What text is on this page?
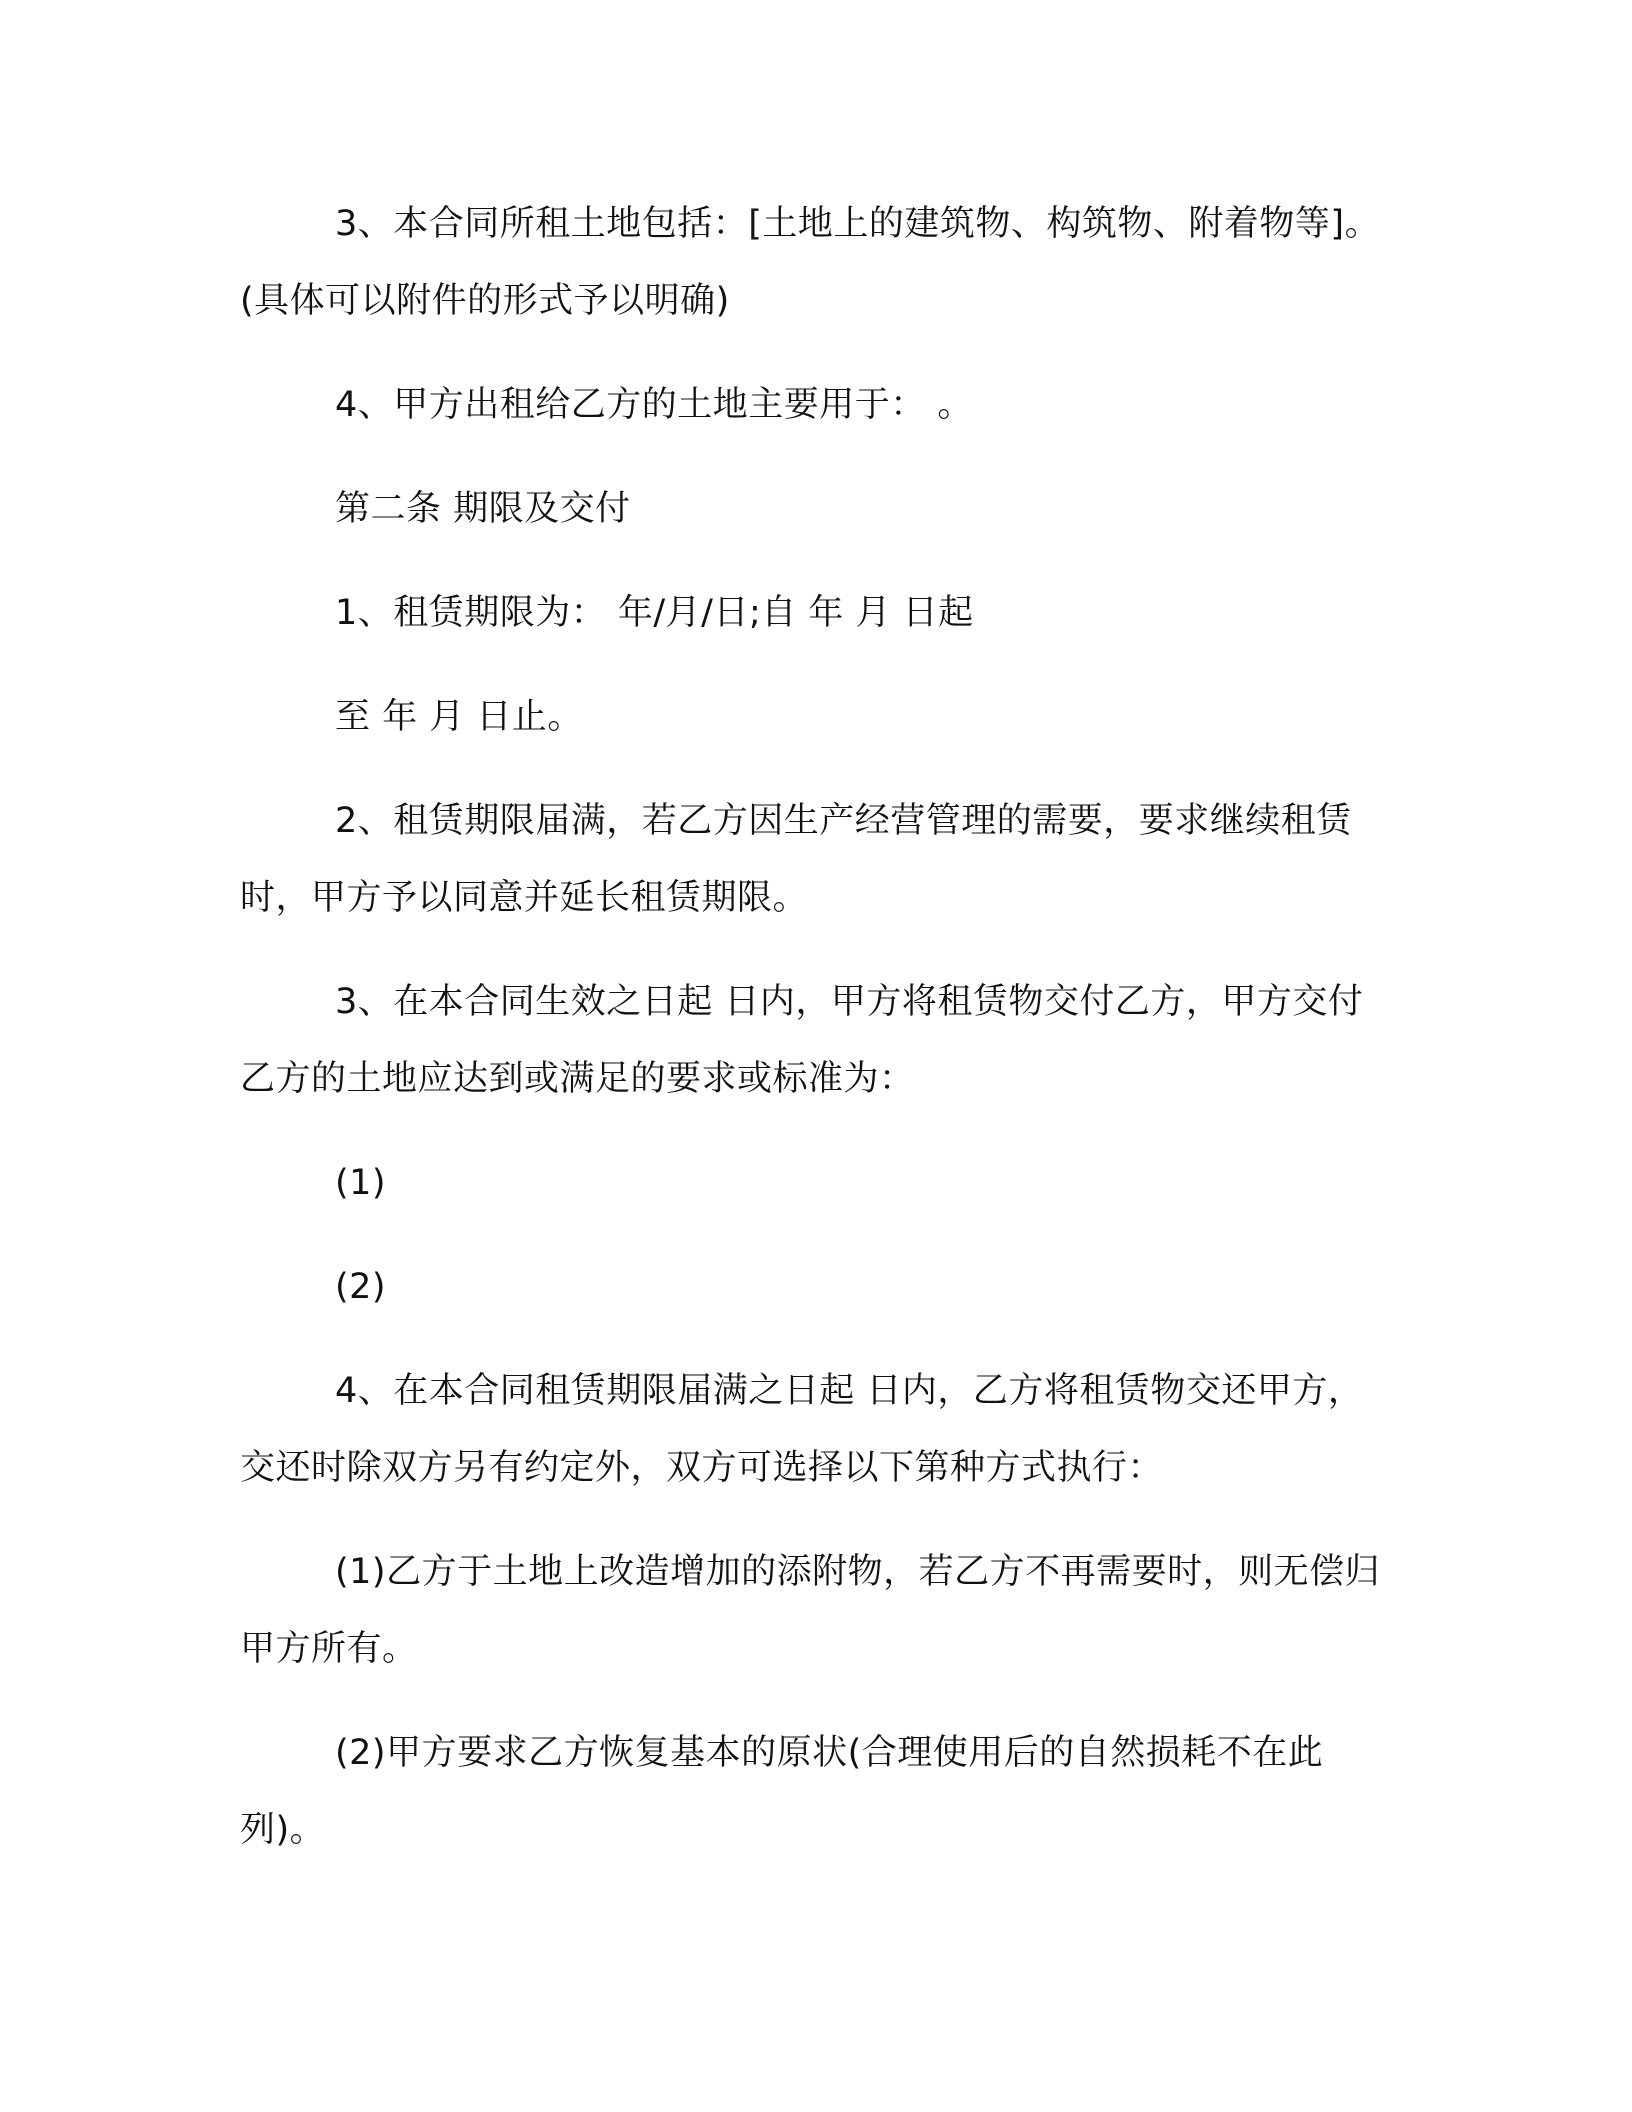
3、本合同所租土地包括：[土地上的建筑物、构筑物、附着物等]。(具体可以附件的形式予以明确)

4、甲方出租给乙方的土地主要用于： 。

第二条 期限及交付

1、租赁期限为： 年/月/日;自 年 月 日起

至 年 月 日止。

2、租赁期限届满，若乙方因生产经营管理的需要，要求继续租赁时，甲方予以同意并延长租赁期限。

3、在本合同生效之日起 日内，甲方将租赁物交付乙方，甲方交付乙方的土地应达到或满足的要求或标准为：

(1)

(2)

4、在本合同租赁期限届满之日起 日内，乙方将租赁物交还甲方，交还时除双方另有约定外，双方可选择以下第种方式执行：

(1)乙方于土地上改造增加的添附物，若乙方不再需要时，则无偿归甲方所有。

(2)甲方要求乙方恢复基本的原状(合理使用后的自然损耗不在此列)。
